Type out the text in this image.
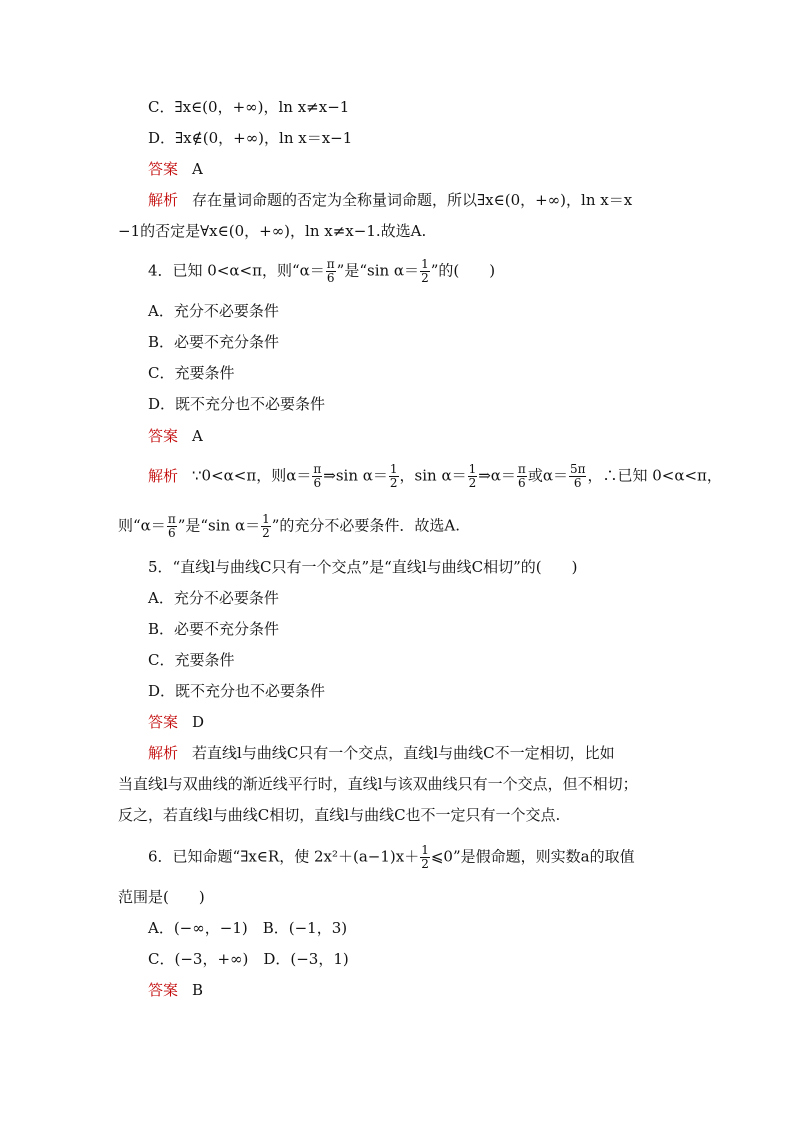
C．∃x∈(0，+∞)，ln x≠x−1
D．∃x∉(0，+∞)，ln x＝x−1
答案 A
解析 存在量词命题的否定为全称量词命题，所以∃x∈(0，+∞)，ln x＝x
−1的否定是∀x∈(0，+∞)，ln x≠x−1.故选A.
4．已知 0<α<π，则“$\alpha= \frac{\pi}{6}$ ”是“sin $\alpha= \frac{1}{2}$ ”的(　　)
A．充分不必要条件
B．必要不充分条件
C．充要条件
D．既不充分也不必要条件
答案 A
解析 ∵0<α<π，则$\alpha= \frac{\pi}{6}$ ⇒sin $\alpha= \frac{1}{2}$ ，$\sin \alpha= \frac{1}{2}$ ⇒α＝ $\frac{\pi}{6}$ 或$\alpha= \frac{5\pi}{6}$ ，∴已知 0<α<π，
则“$\alpha= \frac{\pi}{6}$ ”是“sin $\alpha= \frac{1}{2}$ ”的充分不必要条件．故选A.
5．“直线l与曲线C只有一个交点”是“直线l与曲线C相切”的(　　)
A．充分不必要条件
B．必要不充分条件
C．充要条件
D．既不充分也不必要条件
答案 D
解析 若直线l与曲线C只有一个交点，直线l与曲线C不一定相切，比如
当直线l与双曲线的渐近线平行时，直线l与该双曲线只有一个交点，但不相切；
反之，若直线l与曲线C相切，直线l与曲线C也不一定只有一个交点.
6．已知命题“∃x∈R，使 $2x^2+(a-1)x+ \frac{1}{2}$ ⩽0”是假命题，则实数a的取值
范围是(　　)
A．(−∞，−1)　B．(−1，3)
C．(−3，+∞)　D．(−3，1)
答案 B
